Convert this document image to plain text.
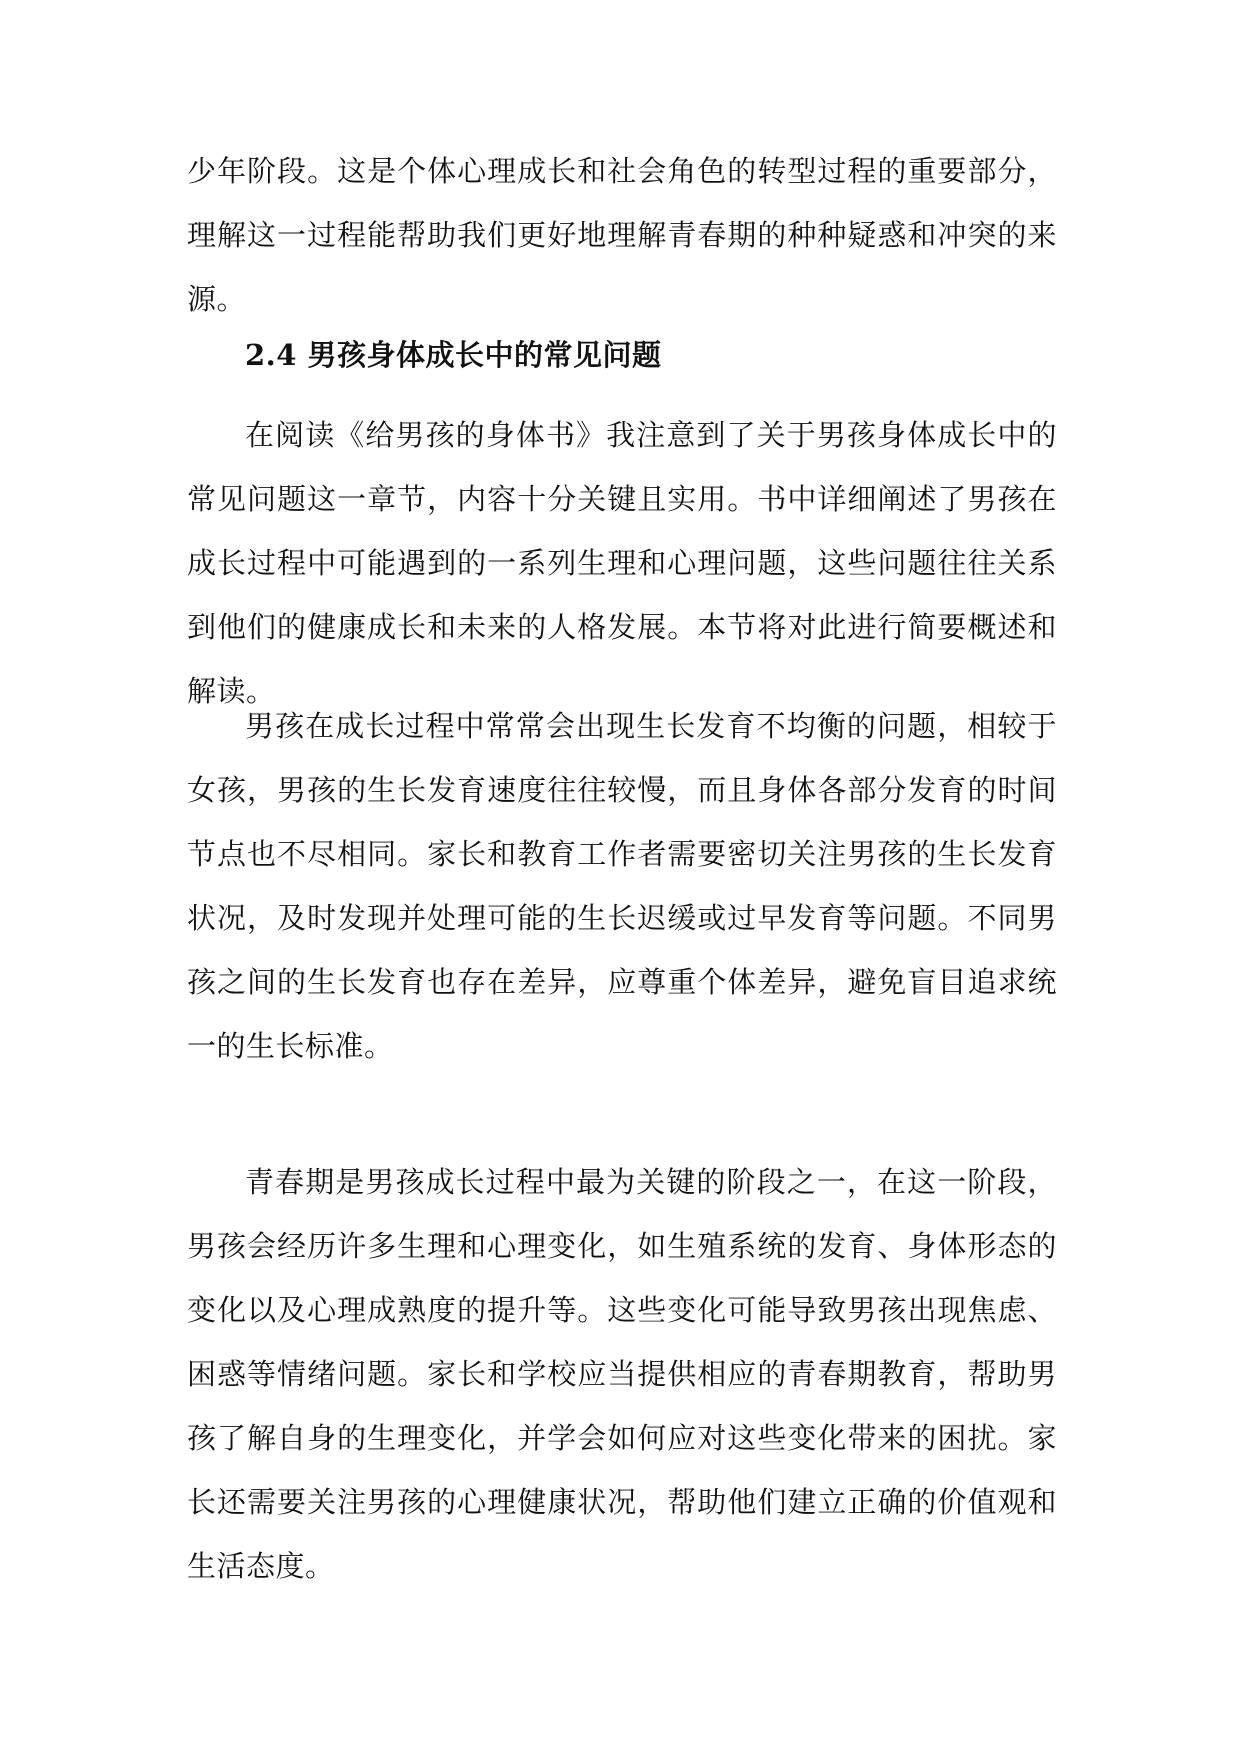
少年阶段。这是个体心理成长和社会角色的转型过程的重要部分，理解这一过程能帮助我们更好地理解青春期的种种疑惑和冲突的来源。

2.4 男孩身体成长中的常见问题

在阅读《给男孩的身体书》我注意到了关于男孩身体成长中的常见问题这一章节，内容十分关键且实用。书中详细阐述了男孩在成长过程中可能遇到的一系列生理和心理问题，这些问题往往关系到他们的健康成长和未来的人格发展。本节将对此进行简要概述和解读。

男孩在成长过程中常常会出现生长发育不均衡的问题，相较于女孩，男孩的生长发育速度往往较慢，而且身体各部分发育的时间节点也不尽相同。家长和教育工作者需要密切关注男孩的生长发育状况，及时发现并处理可能的生长迟缓或过早发育等问题。不同男孩之间的生长发育也存在差异，应尊重个体差异，避免盲目追求统一的生长标准。

青春期是男孩成长过程中最为关键的阶段之一，在这一阶段，男孩会经历许多生理和心理变化，如生殖系统的发育、身体形态的变化以及心理成熟度的提升等。这些变化可能导致男孩出现焦虑、困惑等情绪问题。家长和学校应当提供相应的青春期教育，帮助男孩了解自身的生理变化，并学会如何应对这些变化带来的困扰。家长还需要关注男孩的心理健康状况，帮助他们建立正确的价值观和生活态度。
